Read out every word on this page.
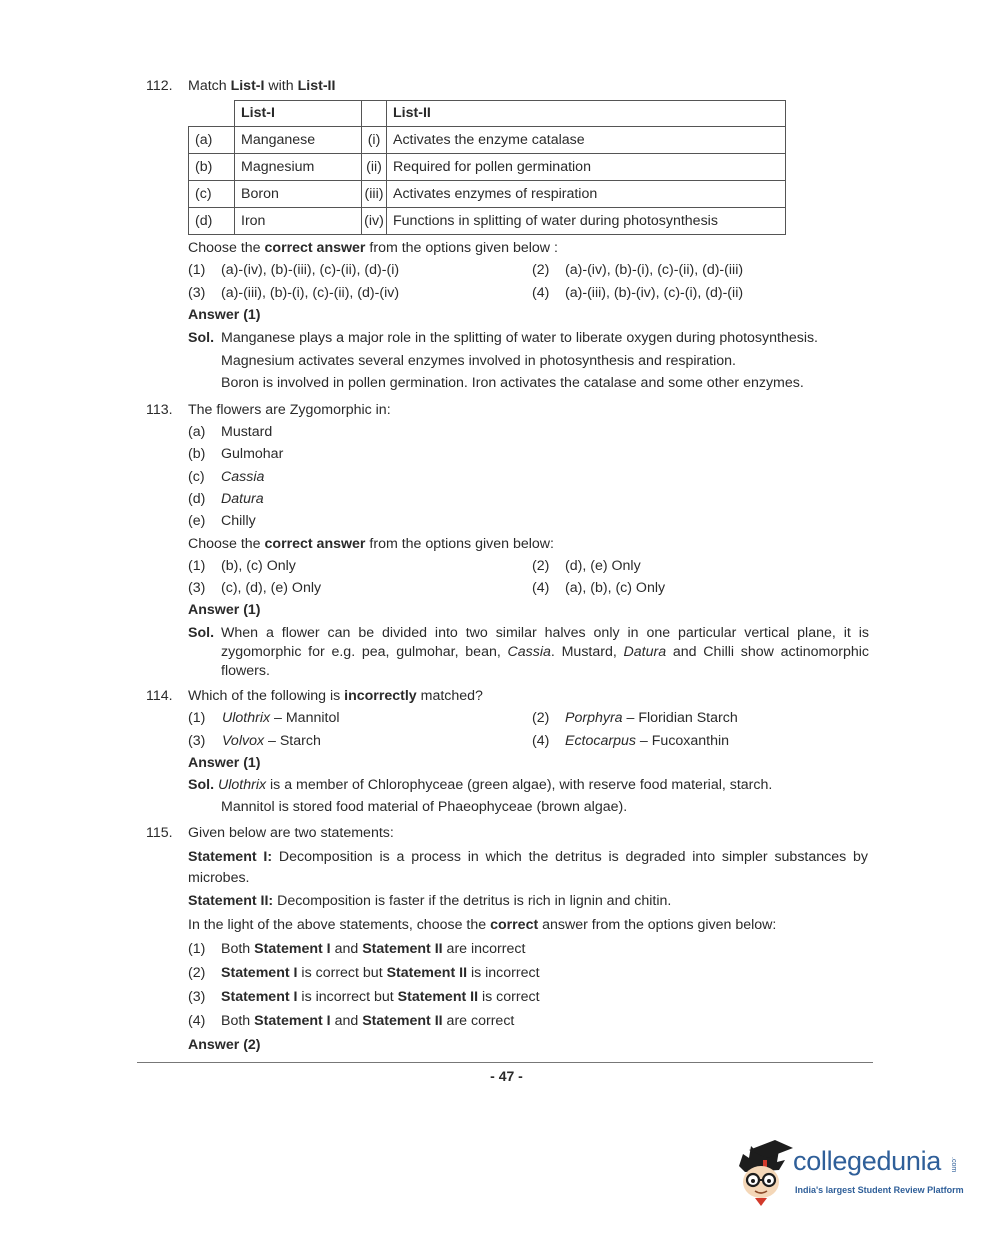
112. Match List-I with List-II
	List-I		List-II
(a)	Manganese	(i)	Activates the enzyme catalase
(b)	Magnesium	(ii)	Required for pollen germination
(c)	Boron	(iii)	Activates enzymes of respiration
(d)	Iron	(iv)	Functions in splitting of water during photosynthesis
Choose the correct answer from the options given below :
(1) (a)-(iv), (b)-(iii), (c)-(ii), (d)-(i)	(2) (a)-(iv), (b)-(i), (c)-(ii), (d)-(iii)
(3) (a)-(iii), (b)-(i), (c)-(ii), (d)-(iv)	(4) (a)-(iii), (b)-(iv), (c)-(i), (d)-(ii)
Answer (1)
Sol. Manganese plays a major role in the splitting of water to liberate oxygen during photosynthesis.
Magnesium activates several enzymes involved in photosynthesis and respiration.
Boron is involved in pollen germination. Iron activates the catalase and some other enzymes.
113. The flowers are Zygomorphic in:
(a) Mustard
(b) Gulmohar
(c) Cassia
(d) Datura
(e) Chilly
Choose the correct answer from the options given below:
(1) (b), (c) Only	(2) (d), (e) Only
(3) (c), (d), (e) Only	(4) (a), (b), (c) Only
Answer (1)
Sol. When a flower can be divided into two similar halves only in one particular vertical plane, it is zygomorphic for e.g. pea, gulmohar, bean, Cassia. Mustard, Datura and Chilli show actinomorphic flowers.
114. Which of the following is incorrectly matched?
(1) Ulothrix – Mannitol	(2) Porphyra – Floridian Starch
(3) Volvox – Starch	(4) Ectocarpus – Fucoxanthin
Answer (1)
Sol. Ulothrix is a member of Chlorophyceae (green algae), with reserve food material, starch.
Mannitol is stored food material of Phaeophyceae (brown algae).
115. Given below are two statements:
Statement I: Decomposition is a process in which the detritus is degraded into simpler substances by microbes.
Statement II: Decomposition is faster if the detritus is rich in lignin and chitin.
In the light of the above statements, choose the correct answer from the options given below:
(1) Both Statement I and Statement II are incorrect
(2) Statement I is correct but Statement II is incorrect
(3) Statement I is incorrect but Statement II is correct
(4) Both Statement I and Statement II are correct
Answer (2)
- 47 -
collegedunia .com
India's largest Student Review Platform
